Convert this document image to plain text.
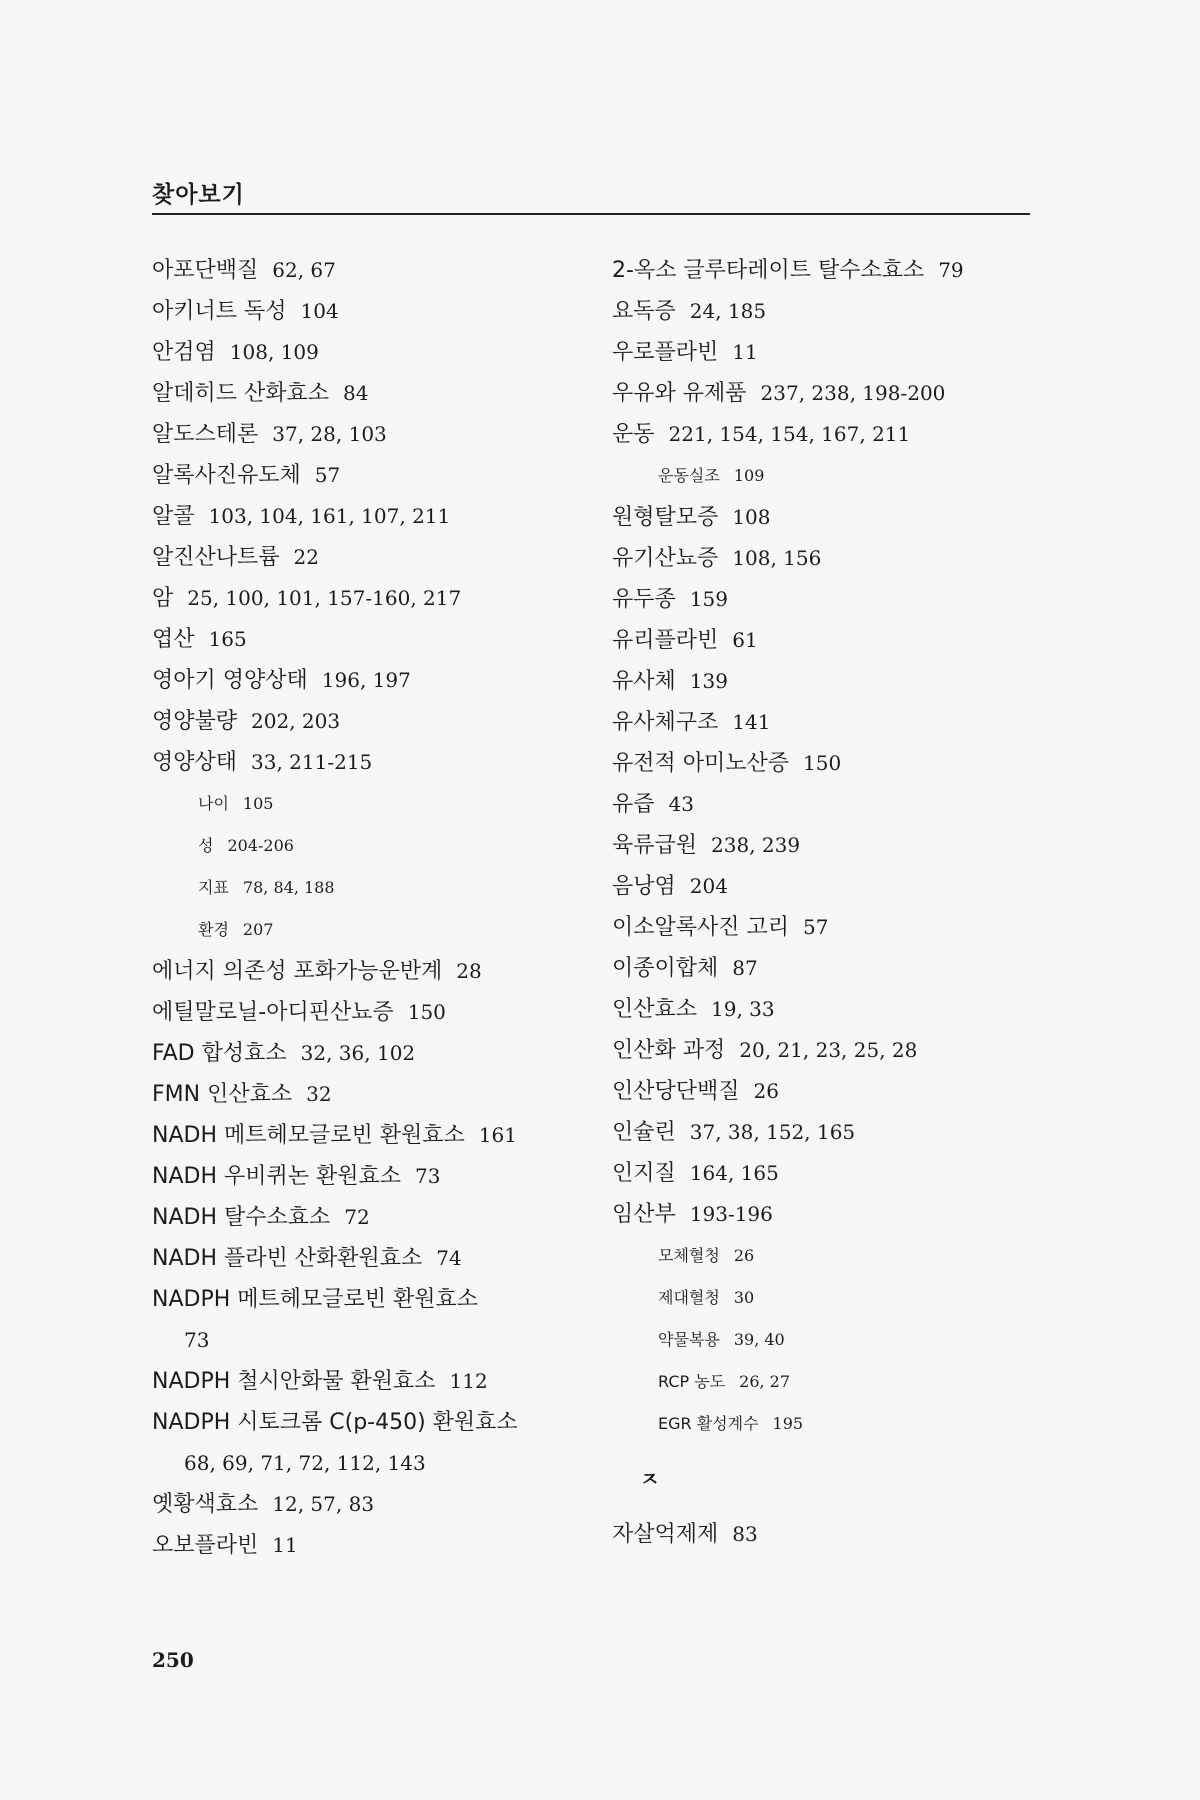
찾아보기
아포단백질 62, 67
아키너트 독성 104
안검염 108, 109
알데히드 산화효소 84
알도스테론 37, 28, 103
알록사진유도체 57
알콜 103, 104, 161, 107, 211
알진산나트륨 22
암 25, 100, 101, 157-160, 217
엽산 165
영아기 영양상태 196, 197
영양불량 202, 203
영양상태 33, 211-215
나이 105
성 204-206
지표 78, 84, 188
환경 207
에너지 의존성 포화가능운반계 28
에틸말로닐-아디핀산뇨증 150
FAD 합성효소 32, 36, 102
FMN 인산효소 32
NADH 메트헤모글로빈 환원효소 161
NADH 우비퀴논 환원효소 73
NADH 탈수소효소 72
NADH 플라빈 산화환원효소 74
NADPH 메트헤모글로빈 환원효소
73
NADPH 철시안화물 환원효소 112
NADPH 시토크롬 C(p-450) 환원효소
68, 69, 71, 72, 112, 143
옛황색효소 12, 57, 83
오보플라빈 11
2-옥소 글루타레이트 탈수소효소 79
요독증 24, 185
우로플라빈 11
우유와 유제품 237, 238, 198-200
운동 221, 154, 154, 167, 211
운동실조 109
원형탈모증 108
유기산뇨증 108, 156
유두종 159
유리플라빈 61
유사체 139
유사체구조 141
유전적 아미노산증 150
유즙 43
육류급원 238, 239
음낭염 204
이소알록사진 고리 57
이종이합체 87
인산효소 19, 33
인산화 과정 20, 21, 23, 25, 28
인산당단백질 26
인슐린 37, 38, 152, 165
인지질 164, 165
임산부 193-196
모체혈청 26
제대혈청 30
약물복용 39, 40
RCP 농도 26, 27
EGR 활성계수 195
ㅈ
자살억제제 83
250
